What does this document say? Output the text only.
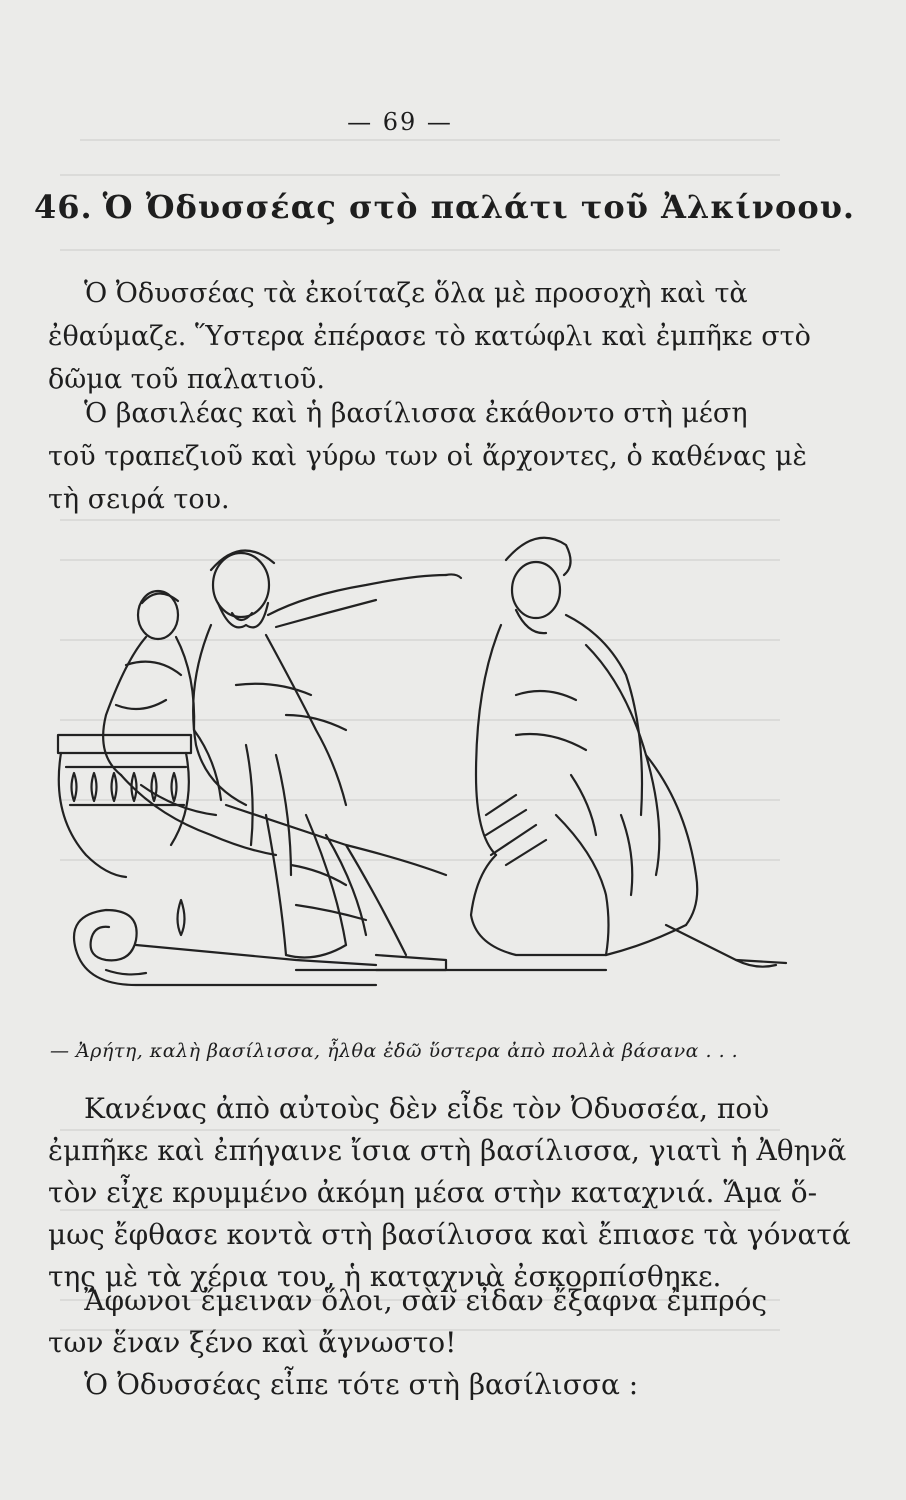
— 69 —
46. Ὁ Ὀδυσσέας στὸ παλάτι τοῦ Ἀλκίνοου.
Ὁ Ὀδυσσέας τὰ ἐκοίταζε ὅλα μὲ προσοχὴ καὶ τὰ
ἐθαύμαζε. Ὕστερα ἐπέρασε τὸ κατώφλι καὶ ἐμπῆκε στὸ
δῶμα τοῦ παλατιοῦ.
Ὁ βασιλέας καὶ ἡ βασίλισσα ἐκάθοντο στὴ μέση
τοῦ τραπεζιοῦ καὶ γύρω των οἱ ἄρχοντες, ὁ καθένας μὲ
τὴ σειρά του.
— Ἀρήτη, καλὴ βασίλισσα, ἦλθα ἐδῶ ὕστερα ἀπὸ πολλὰ βάσανα . . .
Κανένας ἀπὸ αὐτοὺς δὲν εἶδε τὸν Ὀδυσσέα, ποὺ
ἐμπῆκε καὶ ἐπήγαινε ἴσια στὴ βασίλισσα, γιατὶ ἡ Ἀθηνᾶ
τὸν εἶχε κρυμμένο ἀκόμη μέσα στὴν καταχνιά. Ἅμα ὅ-
μως ἔφθασε κοντὰ στὴ βασίλισσα καὶ ἔπιασε τὰ γόνατά
της μὲ τὰ χέρια του, ἡ καταχνιὰ ἐσκορπίσθηκε.
Ἄφωνοι ἔμειναν ὅλοι, σὰν εἶδαν ἔξαφνα ἐμπρός
των ἕναν ξένο καὶ ἄγνωστο!
Ὁ Ὀδυσσέας εἶπε τότε στὴ βασίλισσα :
